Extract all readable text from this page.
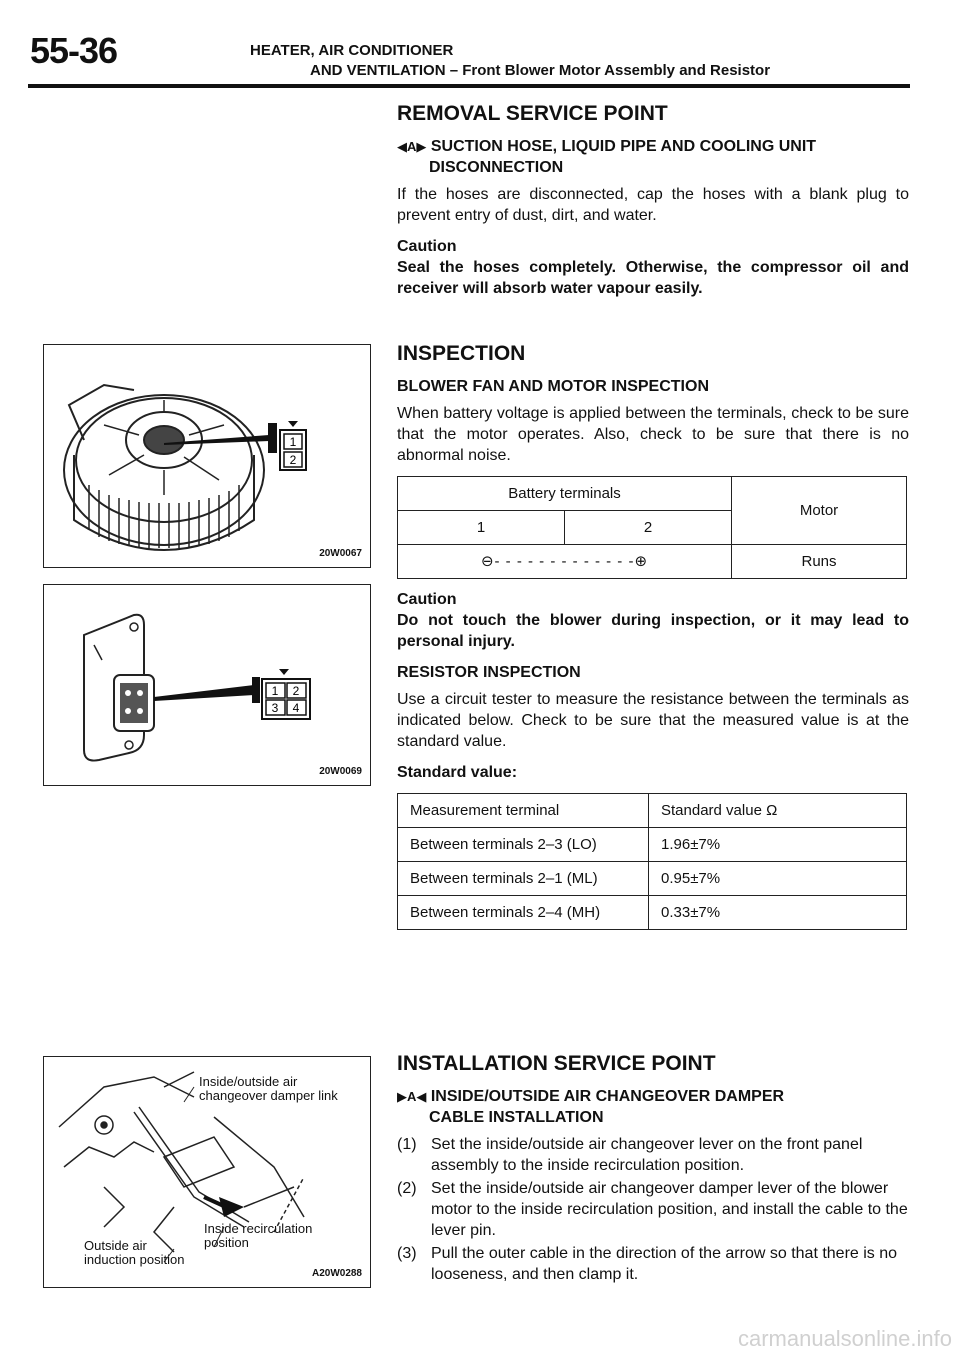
55-36	HEATER, AIR CONDITIONER
AND VENTILATION – Front Blower Motor Assembly and Resistor
REMOVAL SERVICE POINT
◀A▶ SUCTION HOSE, LIQUID PIPE AND COOLING UNIT
DISCONNECTION

If the hoses are disconnected, cap the hoses with a blank plug to prevent entry of dust, dirt, and water.

Caution

Seal the hoses completely. Otherwise, the compressor oil and receiver will absorb water vapour easily.

INSPECTION
BLOWER FAN AND MOTOR INSPECTION

When battery voltage is applied between the terminals, check to be sure that the motor operates. Also, check to be sure that there is no abnormal noise.

Battery terminals		Motor
1	2	
⊖- - - - - - - - - - - - -⊕		Runs

Caution

Do not touch the blower during inspection, or it may lead to personal injury.

RESISTOR INSPECTION

Use a circuit tester to measure the resistance between the terminals as indicated below. Check to be sure that the measured value is at the standard value.

Standard value:

Measurement terminal	Standard value Ω
Between terminals 2–3 (LO)	1.96±7%
Between terminals 2–1 (ML)	0.95±7%
Between terminals 2–4 (MH)	0.33±7%
INSTALLATION SERVICE POINT
▶A◀ INSIDE/OUTSIDE AIR CHANGEOVER DAMPER
CABLE INSTALLATION
(1) Set the inside/outside air changeover lever on the front panel assembly to the inside recirculation position.
(2) Set the inside/outside air changeover damper lever of the blower motor to the inside recirculation position, and install the cable to the lever pin.
(3) Pull the outer cable in the direction of the arrow so that there is no looseness, and then clamp it.
1
2
20W0067
1 2
3 4
20W0069
Inside/outside air changeover damper link
Inside recirculation position
Outside air induction position
A20W0288
carmanualsonline.info
